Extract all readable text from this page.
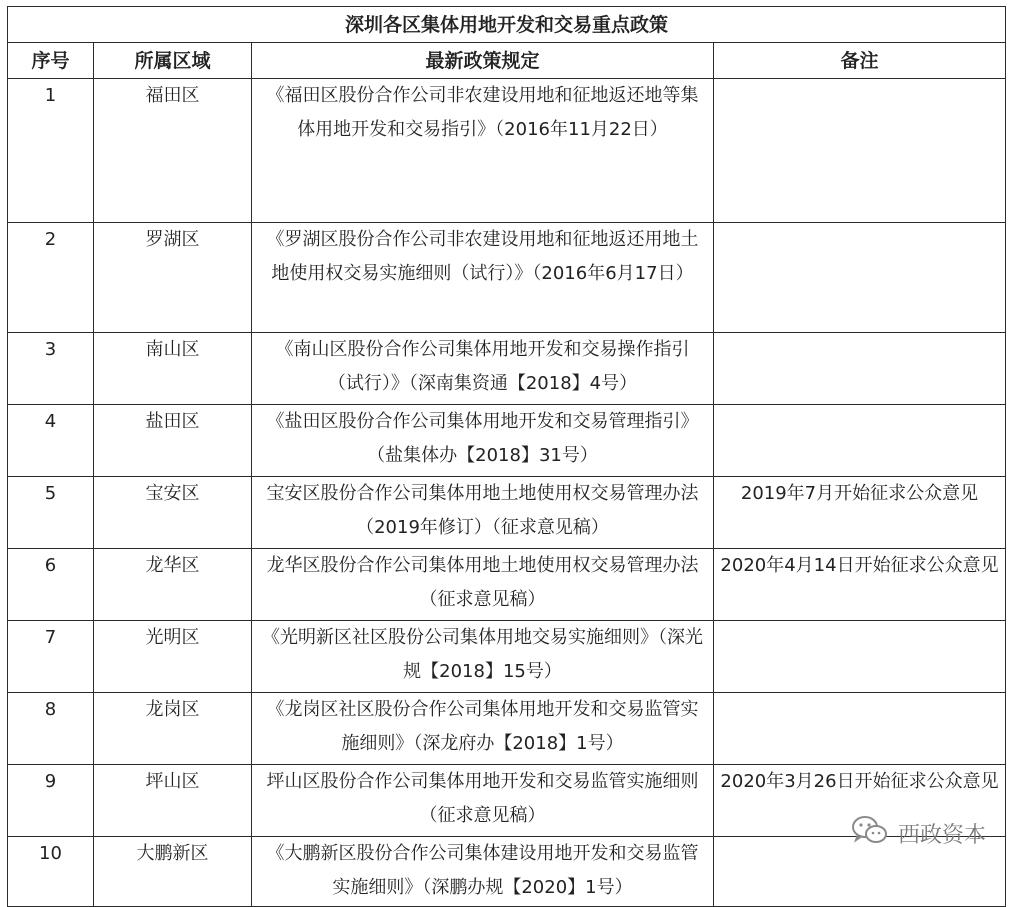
深圳各区集体用地开发和交易重点政策			
序号	所属区域	最新政策规定	备注
1	福田区	《福田区股份合作公司非农建设用地和征地返还地等集体用地开发和交易指引》（2016年11月22日）	
2	罗湖区	《罗湖区股份合作公司非农建设用地和征地返还用地土地使用权交易实施细则（试行）》（2016年6月17日）	
3	南山区	《南山区股份合作公司集体用地开发和交易操作指引（试行）》（深南集资通【2018】4号）	
4	盐田区	《盐田区股份合作公司集体用地开发和交易管理指引》（盐集体办【2018】31号）	
5	宝安区	宝安区股份合作公司集体用地土地使用权交易管理办法（2019年修订）（征求意见稿）	2019年7月开始征求公众意见
6	龙华区	龙华区股份合作公司集体用地土地使用权交易管理办法（征求意见稿）	2020年4月14日开始征求公众意见
7	光明区	《光明新区社区股份公司集体用地交易实施细则》（深光规【2018】15号）	
8	龙岗区	《龙岗区社区股份合作公司集体用地开发和交易监管实施细则》（深龙府办【2018】1号）	
9	坪山区	坪山区股份合作公司集体用地开发和交易监管实施细则（征求意见稿）	2020年3月26日开始征求公众意见
10	大鹏新区	《大鹏新区股份合作公司集体建设用地开发和交易监管实施细则》（深鹏办规【2020】1号）	
西政资本
